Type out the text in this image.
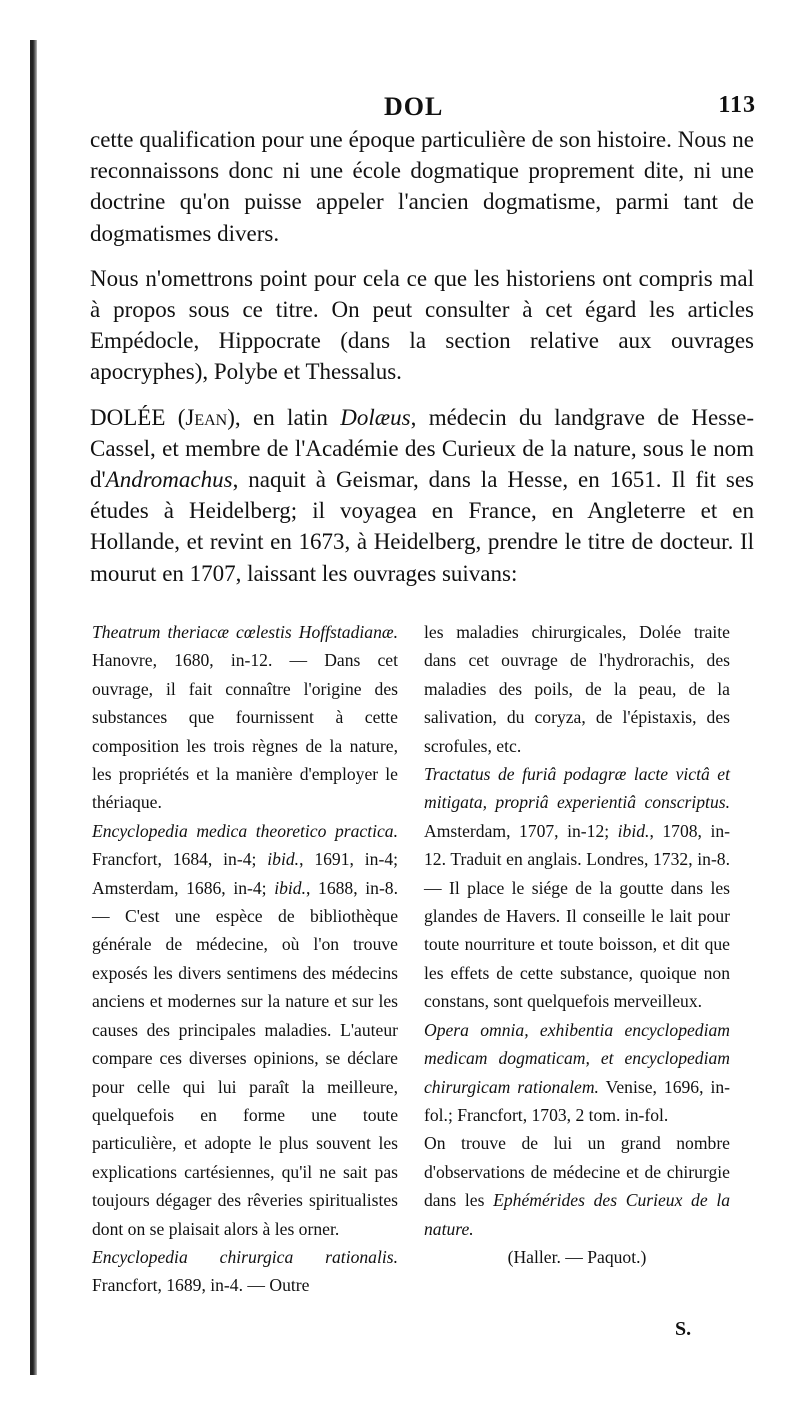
DOL	113

cette qualification pour une époque particulière de son histoire. Nous ne reconnaissons donc ni une école dogmatique proprement dite, ni une doctrine qu'on puisse appeler l'ancien dogmatisme, parmi tant de dogmatismes divers.

Nous n'omettrons point pour cela ce que les historiens ont compris mal à propos sous ce titre. On peut consulter à cet égard les articles Empédocle, Hippocrate (dans la section relative aux ouvrages apocryphes), Polybe et Thessalus.

DOLÉE (Jean), en latin Dolæus, médecin du landgrave de Hesse-Cassel, et membre de l'Académie des Curieux de la nature, sous le nom d'Andromachus, naquit à Geismar, dans la Hesse, en 1651. Il fit ses études à Heidelberg; il voyagea en France, en Angleterre et en Hollande, et revint en 1673, à Heidelberg, prendre le titre de docteur. Il mourut en 1707, laissant les ouvrages suivans:

Theatrum theriacæ cœlestis Hoffstadianæ. Hanovre, 1680, in-12. — Dans cet ouvrage, il fait connaître l'origine des substances que fournissent à cette composition les trois règnes de la nature, les propriétés et la manière d'employer le thériaque.

Encyclopedia medica theoretico practica. Francfort, 1684, in-4; ibid., 1691, in-4; Amsterdam, 1686, in-4; ibid., 1688, in-8. — C'est une espèce de bibliothèque générale de médecine, où l'on trouve exposés les divers sentimens des médecins anciens et modernes sur la nature et sur les causes des principales maladies. L'auteur compare ces diverses opinions, se déclare pour celle qui lui paraît la meilleure, quelquefois en forme une toute particulière, et adopte le plus souvent les explications cartésiennes, qu'il ne sait pas toujours dégager des rêveries spiritualistes dont on se plaisait alors à les orner.

Encyclopedia chirurgica rationalis. Francfort, 1689, in-4. — Outre

les maladies chirurgicales, Dolée traite dans cet ouvrage de l'hydrorachis, des maladies des poils, de la peau, de la salivation, du coryza, de l'épistaxis, des scrofules, etc.

Tractatus de furiâ podagræ lacte victâ et mitigata, propriâ experientiâ conscriptus. Amsterdam, 1707, in-12; ibid., 1708, in-12. Traduit en anglais. Londres, 1732, in-8. — Il place le siége de la goutte dans les glandes de Havers. Il conseille le lait pour toute nourriture et toute boisson, et dit que les effets de cette substance, quoique non constans, sont quelquefois merveilleux.

Opera omnia, exhibentia encyclopediam medicam dogmaticam, et encyclopediam chirurgicam rationalem. Venise, 1696, in-fol.; Francfort, 1703, 2 tom. in-fol.

On trouve de lui un grand nombre d'observations de médecine et de chirurgie dans les Ephémérides des Curieux de la nature.

(Haller. — Paquot.)

S.
